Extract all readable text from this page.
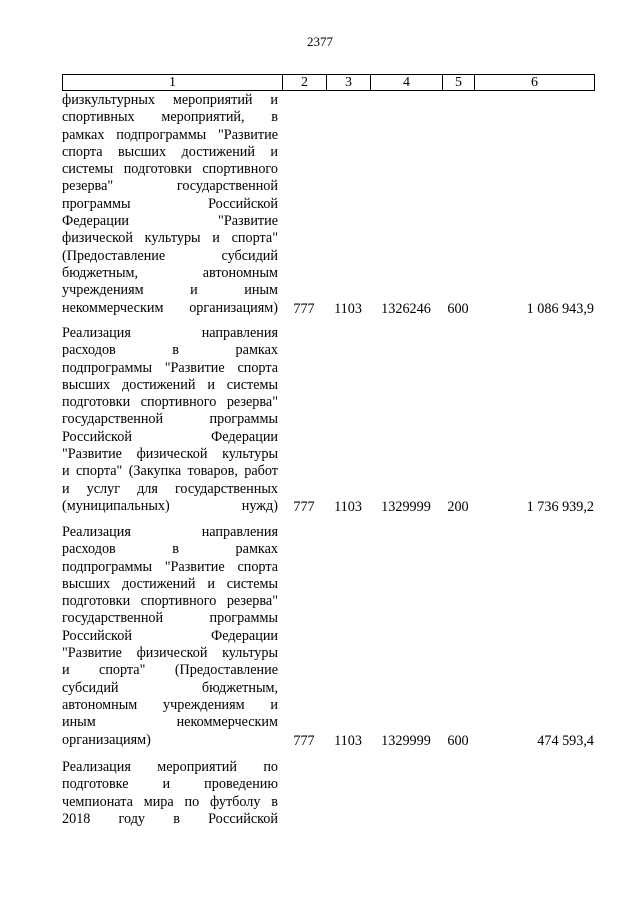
2377
1	2	3	4	5	6
физкультурных мероприятий и
спортивных мероприятий, в
рамках подпрограммы "Развитие
спорта высших достижений и
системы подготовки спортивного
резерва" государственной
программы Российской
Федерации "Развитие
физической культуры и спорта"
(Предоставление субсидий
бюджетным, автономным
учреждениям и иным
некоммерческим организациям)	777	1103	1326246	600	1 086 943,9
Реализация направления
расходов в рамках
подпрограммы "Развитие спорта
высших достижений и системы
подготовки спортивного резерва"
государственной программы
Российской Федерации
"Развитие физической культуры
и спорта" (Закупка товаров, работ
и услуг для государственных
(муниципальных) нужд)	777	1103	1329999	200	1 736 939,2
Реализация направления
расходов в рамках
подпрограммы "Развитие спорта
высших достижений и системы
подготовки спортивного резерва"
государственной программы
Российской Федерации
"Развитие физической культуры
и спорта" (Предоставление
субсидий бюджетным,
автономным учреждениям и
иным некоммерческим
организациям)	777	1103	1329999	600	474 593,4
Реализация мероприятий по
подготовке и проведению
чемпионата мира по футболу в
2018 году в Российской
